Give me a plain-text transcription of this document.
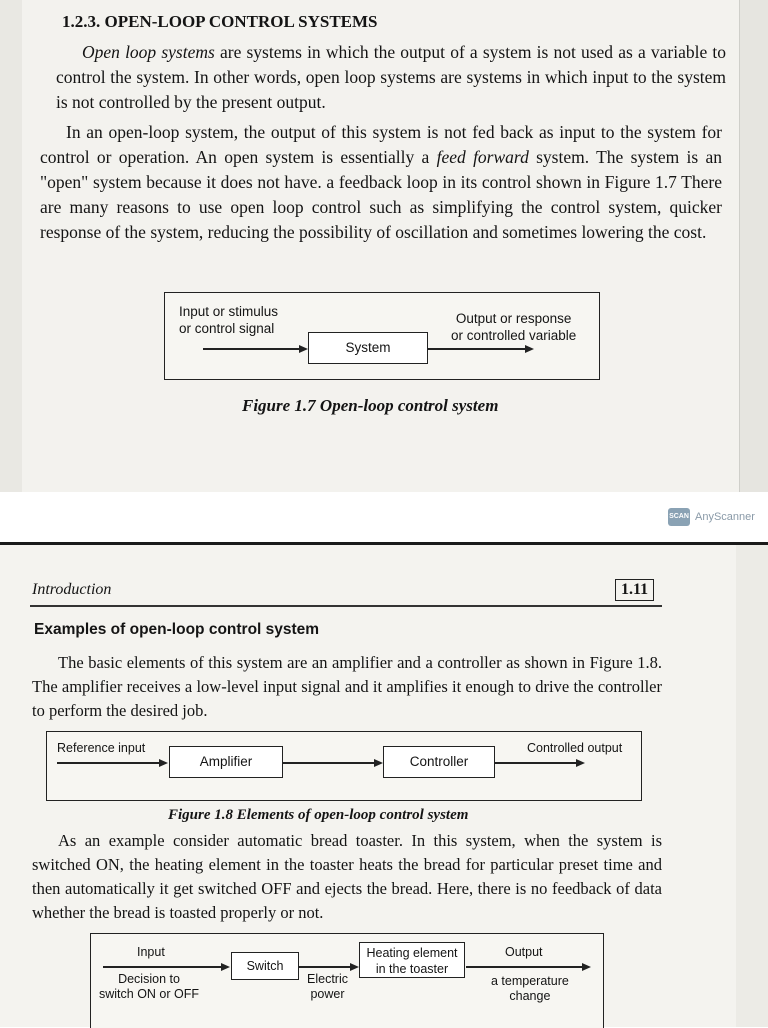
1.2.3. OPEN-LOOP CONTROL SYSTEMS
Open loop systems are systems in which the output of a system is not used as a variable to control the system. In other words, open loop systems are systems in which input to the system is not controlled by the present output.
In an open-loop system, the output of this system is not fed back as input to the system for control or operation. An open system is essentially a feed forward system. The system is an "open" system because it does not have. a feedback loop in its control shown in Figure 1.7 There are many reasons to use open loop control such as simplifying the control system, quicker response of the system, reducing the possibility of oscillation and sometimes lowering the cost.
Input or stimulus
or control signal
System
Output or response
or controlled variable
Figure 1.7 Open-loop control system
SCAN AnyScanner
Introduction	1.11
Examples of open-loop control system
The basic elements of this system are an amplifier and a controller as shown in Figure 1.8. The amplifier receives a low-level input signal and it amplifies it enough to drive the controller to perform the desired job.
Reference input
Amplifier	Controller
Controlled output
Figure 1.8 Elements of open-loop control system
As an example consider automatic bread toaster. In this system, when the system is switched ON, the heating element in the toaster heats the bread for particular preset time and then automatically it get switched OFF and ejects the bread. Here, there is no feedback of data whether the bread is toasted properly or not.
Input
Decision to
switch ON or OFF
Switch
Electric
power
Heating element
in the toaster
Output
a temperature
change
